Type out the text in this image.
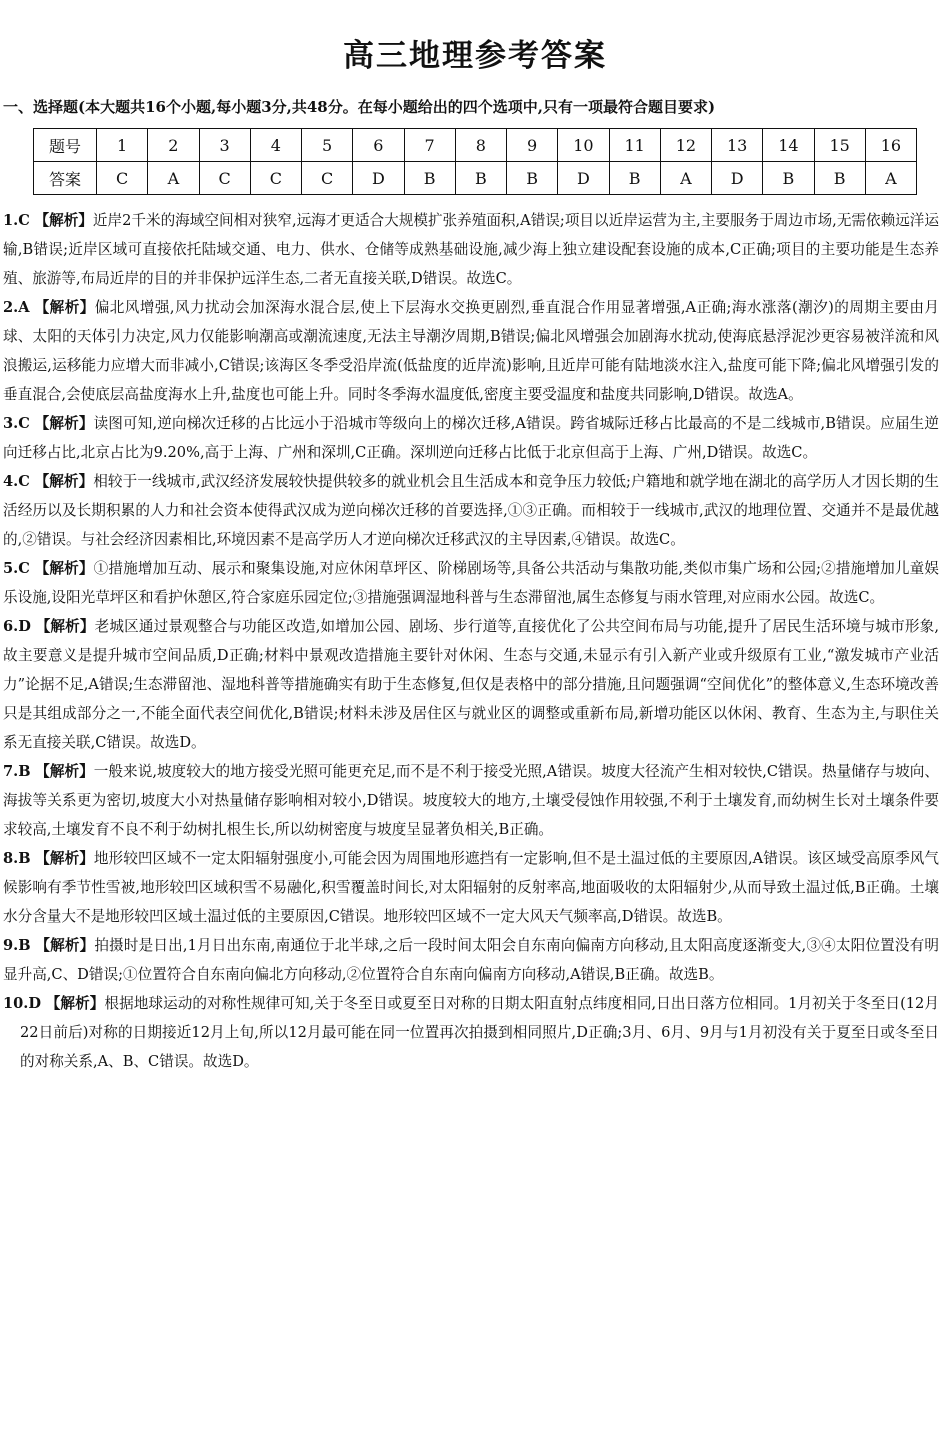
高三地理参考答案
一、选择题(本大题共16个小题,每小题3分,共48分。在每小题给出的四个选项中,只有一项最符合题目要求)
题号	1	2	3	4	5	6	7	8	9	10	11	12	13	14	15	16
答案	C	A	C	C	C	D	B	B	B	D	B	A	D	B	B	A
1.C 【解析】近岸2千米的海域空间相对狭窄,远海才更适合大规模扩张养殖面积,A错误;项目以近岸运营为主,主要服务于周边市场,无需依赖远洋运输,B错误;近岸区域可直接依托陆域交通、电力、供水、仓储等成熟基础设施,减少海上独立建设配套设施的成本,C正确;项目的主要功能是生态养殖、旅游等,布局近岸的目的并非保护远洋生态,二者无直接关联,D错误。故选C。
2.A 【解析】偏北风增强,风力扰动会加深海水混合层,使上下层海水交换更剧烈,垂直混合作用显著增强,A正确;海水涨落(潮汐)的周期主要由月球、太阳的天体引力决定,风力仅能影响潮高或潮流速度,无法主导潮汐周期,B错误;偏北风增强会加剧海水扰动,使海底悬浮泥沙更容易被洋流和风浪搬运,运移能力应增大而非减小,C错误;该海区冬季受沿岸流(低盐度的近岸流)影响,且近岸可能有陆地淡水注入,盐度可能下降;偏北风增强引发的垂直混合,会使底层高盐度海水上升,盐度也可能上升。同时冬季海水温度低,密度主要受温度和盐度共同影响,D错误。故选A。
3.C 【解析】读图可知,逆向梯次迁移的占比远小于沿城市等级向上的梯次迁移,A错误。跨省城际迁移占比最高的不是二线城市,B错误。应届生逆向迁移占比,北京占比为9.20%,高于上海、广州和深圳,C正确。深圳逆向迁移占比低于北京但高于上海、广州,D错误。故选C。
4.C 【解析】相较于一线城市,武汉经济发展较快提供较多的就业机会且生活成本和竞争压力较低;户籍地和就学地在湖北的高学历人才因长期的生活经历以及长期积累的人力和社会资本使得武汉成为逆向梯次迁移的首要选择,①③正确。而相较于一线城市,武汉的地理位置、交通并不是最优越的,②错误。与社会经济因素相比,环境因素不是高学历人才逆向梯次迁移武汉的主导因素,④错误。故选C。
5.C 【解析】①措施增加互动、展示和聚集设施,对应休闲草坪区、阶梯剧场等,具备公共活动与集散功能,类似市集广场和公园;②措施增加儿童娱乐设施,设阳光草坪区和看护休憩区,符合家庭乐园定位;③措施强调湿地科普与生态滞留池,属生态修复与雨水管理,对应雨水公园。故选C。
6.D 【解析】老城区通过景观整合与功能区改造,如增加公园、剧场、步行道等,直接优化了公共空间布局与功能,提升了居民生活环境与城市形象,故主要意义是提升城市空间品质,D正确;材料中景观改造措施主要针对休闲、生态与交通,未显示有引入新产业或升级原有工业,“激发城市产业活力”论据不足,A错误;生态滞留池、湿地科普等措施确实有助于生态修复,但仅是表格中的部分措施,且问题强调“空间优化”的整体意义,生态环境改善只是其组成部分之一,不能全面代表空间优化,B错误;材料未涉及居住区与就业区的调整或重新布局,新增功能区以休闲、教育、生态为主,与职住关系无直接关联,C错误。故选D。
7.B 【解析】一般来说,坡度较大的地方接受光照可能更充足,而不是不利于接受光照,A错误。坡度大径流产生相对较快,C错误。热量储存与坡向、海拔等关系更为密切,坡度大小对热量储存影响相对较小,D错误。坡度较大的地方,土壤受侵蚀作用较强,不利于土壤发育,而幼树生长对土壤条件要求较高,土壤发育不良不利于幼树扎根生长,所以幼树密度与坡度呈显著负相关,B正确。
8.B 【解析】地形较凹区域不一定太阳辐射强度小,可能会因为周围地形遮挡有一定影响,但不是土温过低的主要原因,A错误。该区域受高原季风气候影响有季节性雪被,地形较凹区域积雪不易融化,积雪覆盖时间长,对太阳辐射的反射率高,地面吸收的太阳辐射少,从而导致土温过低,B正确。土壤水分含量大不是地形较凹区域土温过低的主要原因,C错误。地形较凹区域不一定大风天气频率高,D错误。故选B。
9.B 【解析】拍摄时是日出,1月日出东南,南通位于北半球,之后一段时间太阳会自东南向偏南方向移动,且太阳高度逐渐变大,③④太阳位置没有明显升高,C、D错误;①位置符合自东南向偏北方向移动,②位置符合自东南向偏南方向移动,A错误,B正确。故选B。
10.D 【解析】根据地球运动的对称性规律可知,关于冬至日或夏至日对称的日期太阳直射点纬度相同,日出日落方位相同。1月初关于冬至日(12月22日前后)对称的日期接近12月上旬,所以12月最可能在同一位置再次拍摄到相同照片,D正确;3月、6月、9月与1月初没有关于夏至日或冬至日的对称关系,A、B、C错误。故选D。
